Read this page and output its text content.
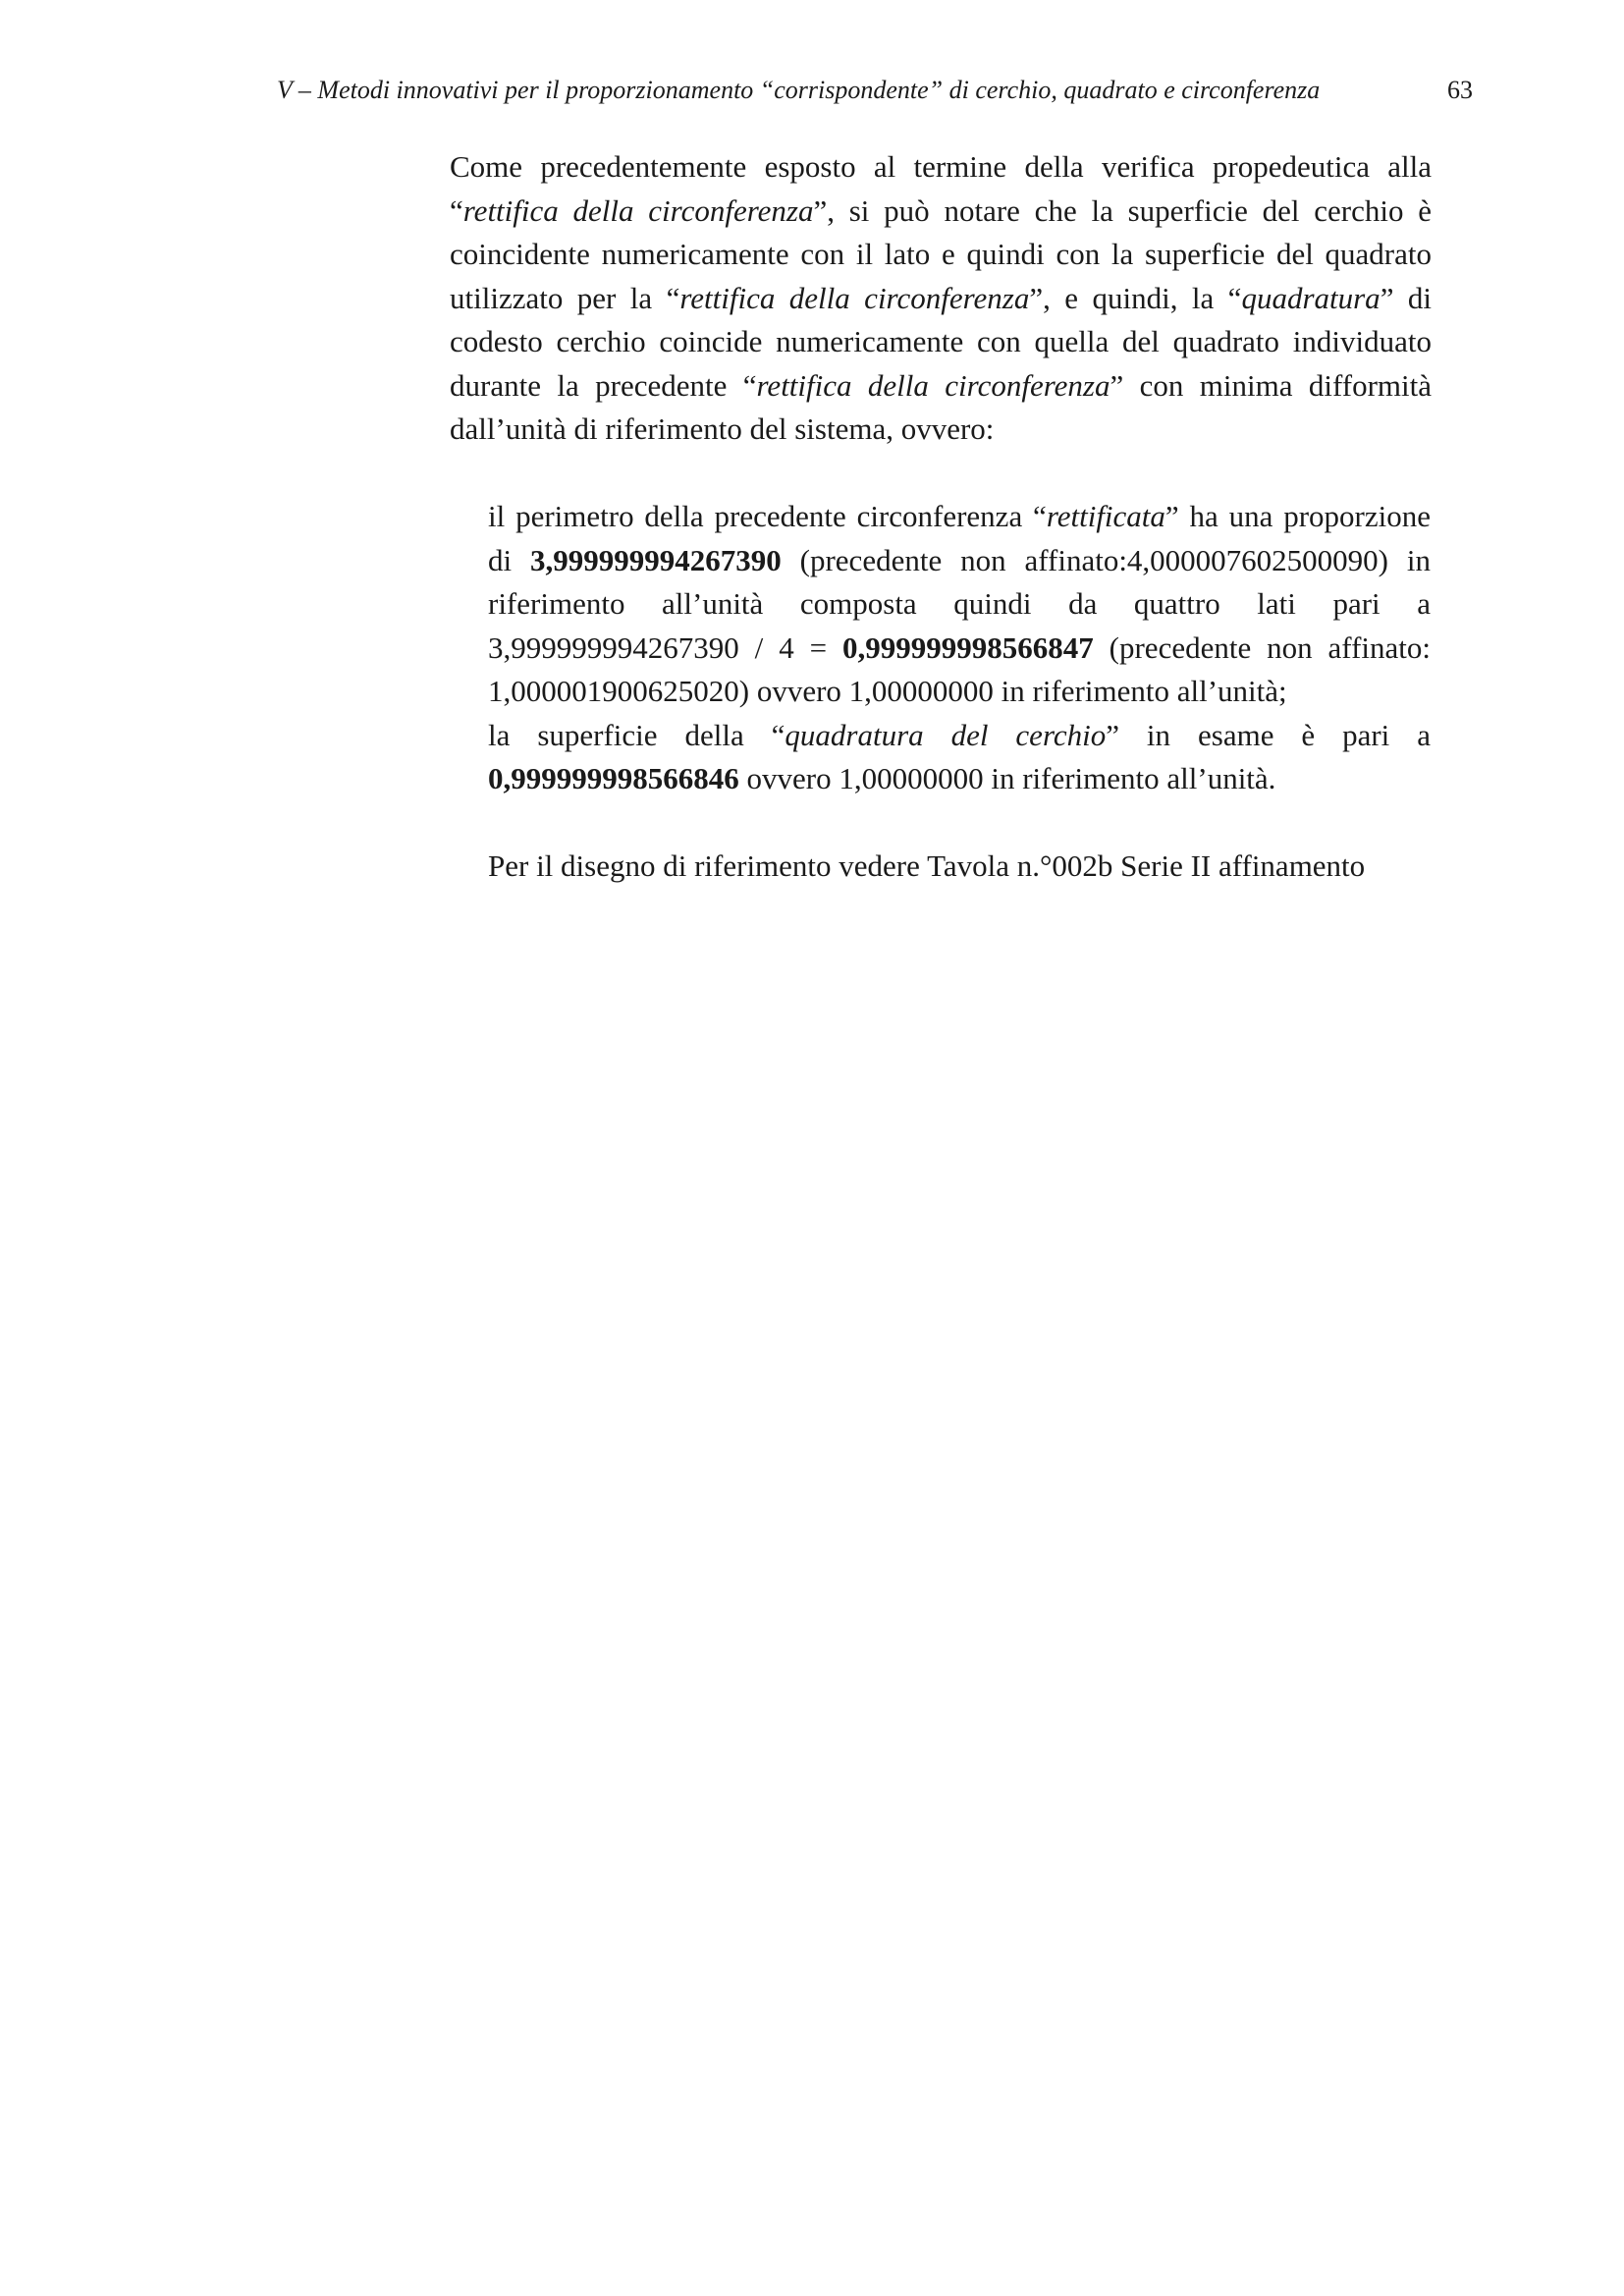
V – Metodi innovativi per il proporzionamento “corrispondente” di cerchio, quadrato e circonferenza	63

Come precedentemente esposto al termine della verifica propedeutica alla “rettifica della circonferenza”, si può notare che la superficie del cerchio è coincidente numericamente con il lato e quindi con la superficie del quadrato utilizzato per la “rettifica della circonferenza”, e quindi, la “quadratura” di codesto cerchio coincide numericamente con quella del quadrato individuato durante la precedente “rettifica della circonferenza” con minima difformità dall’unità di riferimento del sistema, ovvero:

il perimetro della precedente circonferenza “rettificata” ha una proporzione di 3,999999994267390 (precedente non affinato:4,000007602500090) in riferimento all’unità composta quindi da quattro lati pari a 3,999999994267390 / 4 = 0,999999998566847 (precedente non affinato: 1,000001900625020) ovvero 1,00000000 in riferimento all’unità;

la superficie della “quadratura del cerchio” in esame è pari a 0,999999998566846 ovvero 1,00000000 in riferimento all’unità.

Per il disegno di riferimento vedere Tavola n.°002b Serie II affinamento
